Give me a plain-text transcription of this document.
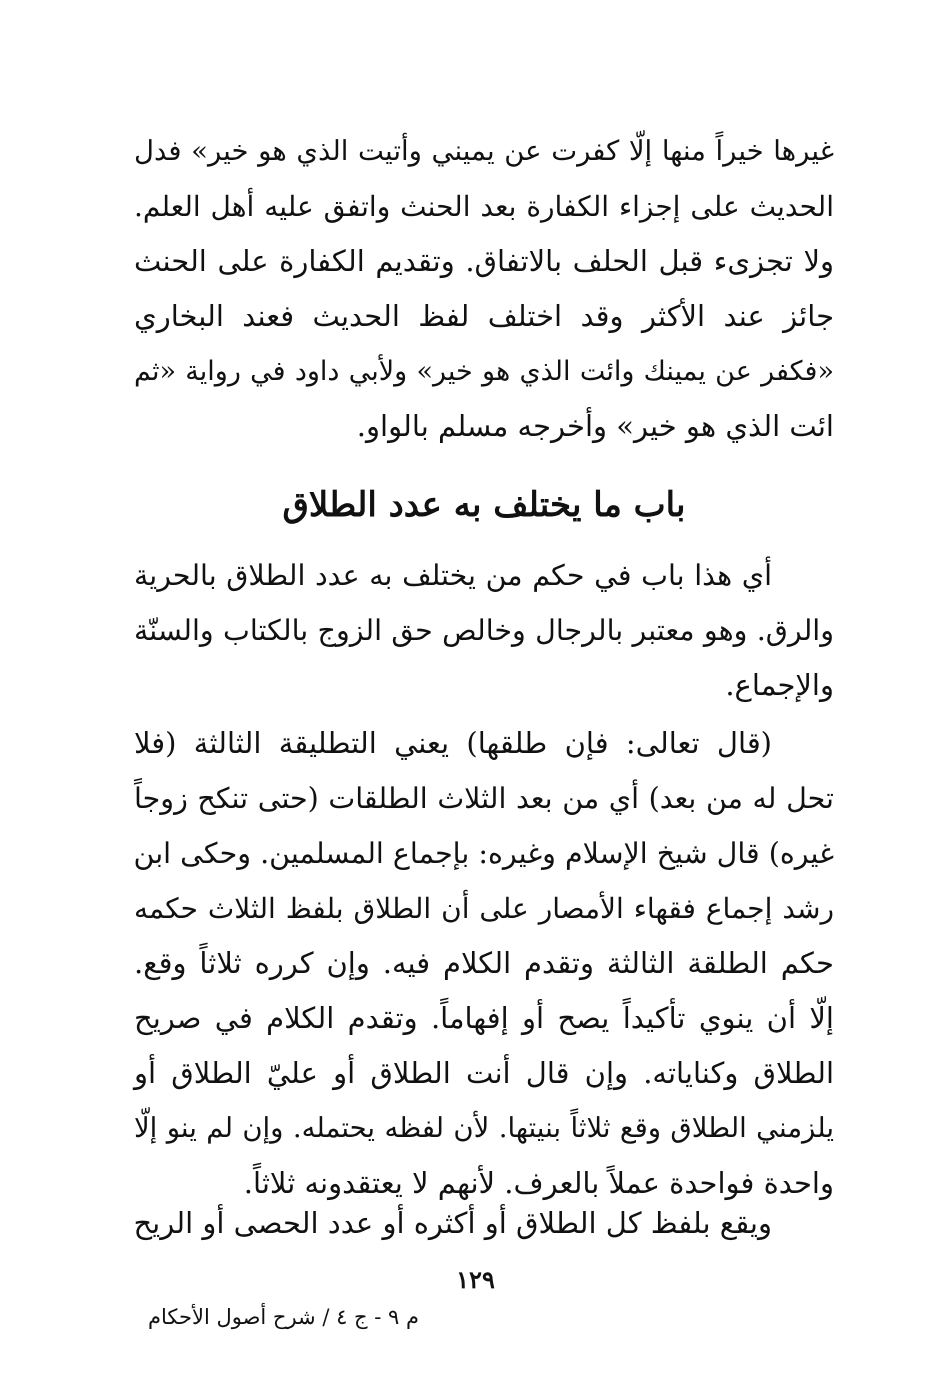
غيرها خيراً منها إلّا كفرت عن يميني وأتيت الذي هو خير» فدل
الحديث على إجزاء الكفارة بعد الحنث واتفق عليه أهل العلم.
ولا تجزىء قبل الحلف بالاتفاق. وتقديم الكفارة على الحنث
جائز عند الأكثر وقد اختلف لفظ الحديث فعند البخاري
«فكفر عن يمينك وائت الذي هو خير» ولأبي داود في رواية «ثم
ائت الذي هو خير» وأخرجه مسلم بالواو.
باب ما يختلف به عدد الطلاق
أي هذا باب في حكم من يختلف به عدد الطلاق بالحرية
والرق. وهو معتبر بالرجال وخالص حق الزوج بالكتاب والسنّة
والإجماع.
(قال تعالى: فإن طلقها) يعني التطليقة الثالثة (فلا
تحل له من بعد) أي من بعد الثلاث الطلقات (حتى تنكح زوجاً
غيره) قال شيخ الإسلام وغيره: بإجماع المسلمين. وحكى ابن
رشد إجماع فقهاء الأمصار على أن الطلاق بلفظ الثلاث حكمه
حكم الطلقة الثالثة وتقدم الكلام فيه. وإن كرره ثلاثاً وقع.
إلّا أن ينوي تأكيداً يصح أو إفهاماً. وتقدم الكلام في صريح
الطلاق وكناياته. وإن قال أنت الطلاق أو عليّ الطلاق أو
يلزمني الطلاق وقع ثلاثاً بنيتها. لأن لفظه يحتمله. وإن لم ينو إلّا
واحدة فواحدة عملاً بالعرف. لأنهم لا يعتقدونه ثلاثاً.
ويقع بلفظ كل الطلاق أو أكثره أو عدد الحصى أو الريح
١٢٩
م ٩ - ج ٤ / شرح أصول الأحكام
